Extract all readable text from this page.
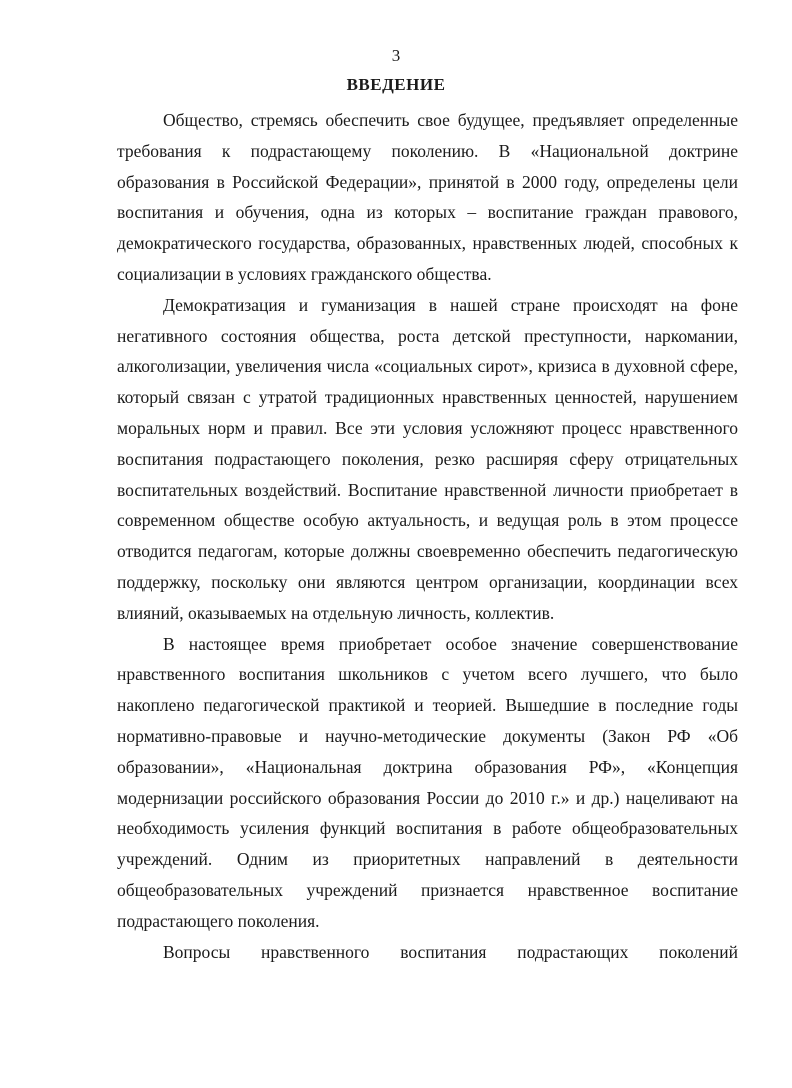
3
ВВЕДЕНИЕ

Общество, стремясь обеспечить свое будущее, предъявляет определенные требования к подрастающему поколению. В «Национальной доктрине образования в Российской Федерации», принятой в 2000 году, определены цели воспитания и обучения, одна из которых – воспитание граждан правового, демократического государства, образованных, нравственных людей, способных к социализации в условиях гражданского общества.

Демократизация и гуманизация в нашей стране происходят на фоне негативного состояния общества, роста детской преступности, наркомании, алкоголизации, увеличения числа «социальных сирот», кризиса в духовной сфере, который связан с утратой традиционных нравственных ценностей, нарушением моральных норм и правил. Все эти условия усложняют процесс нравственного воспитания подрастающего поколения, резко расширяя сферу отрицательных воспитательных воздействий. Воспитание нравственной личности приобретает в современном обществе особую актуальность, и ведущая роль в этом процессе отводится педагогам, которые должны своевременно обеспечить педагогическую поддержку, поскольку они являются центром организации, координации всех влияний, оказываемых на отдельную личность, коллектив.

В настоящее время приобретает особое значение совершенствование нравственного воспитания школьников с учетом всего лучшего, что было накоплено педагогической практикой и теорией. Вышедшие в последние годы нормативно-правовые и научно-методические документы (Закон РФ «Об образовании», «Национальная доктрина образования РФ», «Концепция модернизации российского образования России до 2010 г.» и др.) нацеливают на необходимость усиления функций воспитания в работе общеобразовательных учреждений. Одним из приоритетных направлений в деятельности общеобразовательных учреждений признается нравственное воспитание подрастающего поколения.

Вопросы нравственного воспитания подрастающих поколений
